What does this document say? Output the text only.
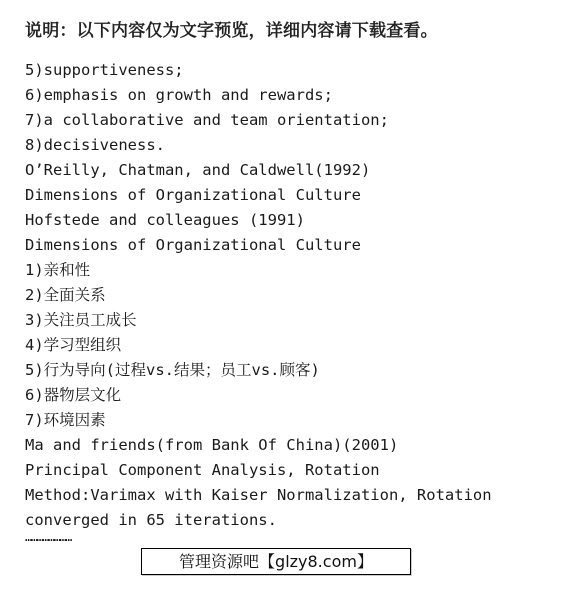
说明：以下内容仅为文字预览，详细内容请下载查看。
5)supportiveness;
6)emphasis on growth and rewards;
7)a collaborative and team orientation;
8)decisiveness.
O’Reilly, Chatman, and Caldwell(1992)
Dimensions of Organizational Culture
Hofstede and colleagues (1991)
Dimensions of Organizational Culture
1)亲和性
2)全面关系
3)关注员工成长
4)学习型组织
5)行为导向(过程vs.结果；员工vs.顾客)
6)器物层文化
7)环境因素
Ma and friends(from Bank Of China)(2001)
Principal Component Analysis, Rotation
Method:Varimax with Kaiser Normalization, Rotation
converged in 65 iterations.
……………………
管理资源吧【glzy8.com】
